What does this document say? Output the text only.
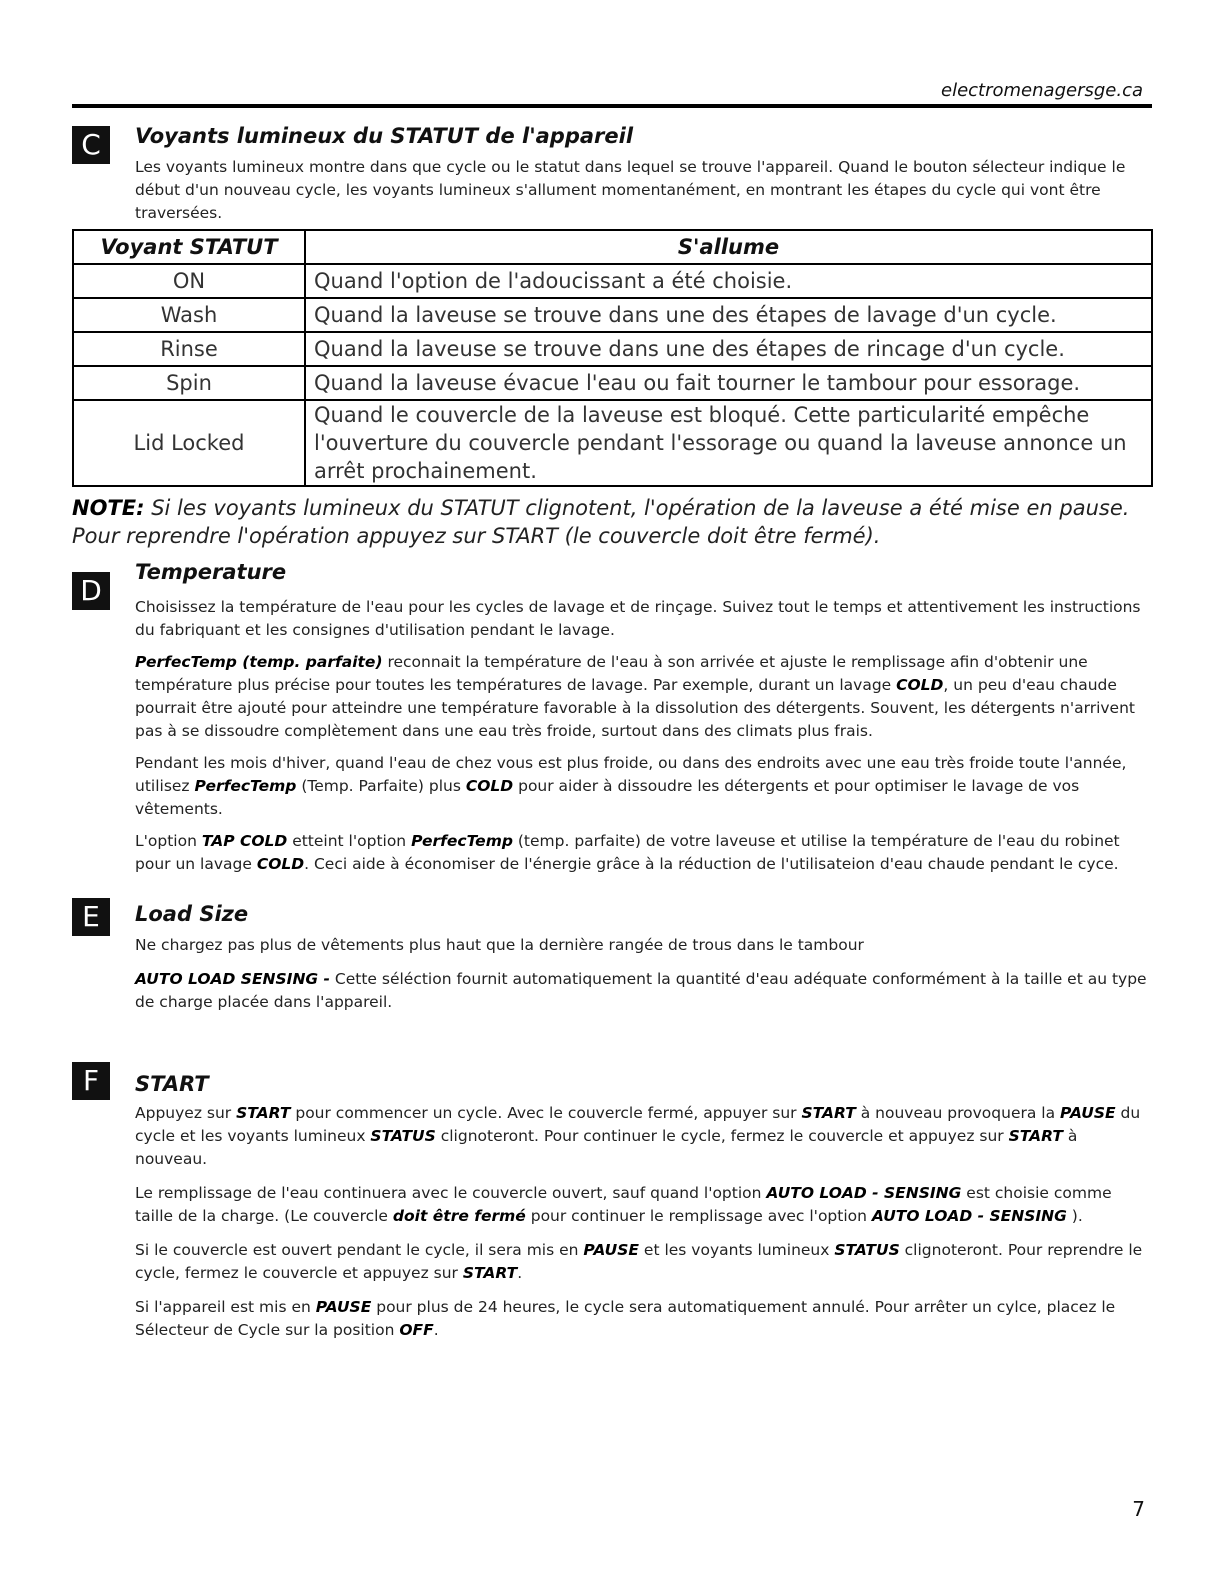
electromenagersge.ca
C	Voyants lumineux du STATUT de l'appareil
Les voyants lumineux montre dans que cycle ou le statut dans lequel se trouve l'appareil. Quand le bouton sélecteur indique le début d'un nouveau cycle, les voyants lumineux s'allument momentanément, en montrant les étapes du cycle qui vont être traversées.
Voyant STATUT	S'allume
ON	Quand l'option de l'adoucissant a été choisie.
Wash	Quand la laveuse se trouve dans une des étapes de lavage d'un cycle.
Rinse	Quand la laveuse se trouve dans une des étapes de rincage d'un cycle.
Spin	Quand la laveuse évacue l'eau ou fait tourner le tambour pour essorage.
Lid Locked	Quand le couvercle de la laveuse est bloqué. Cette particularité empêche l'ouverture du couvercle pendant l'essorage ou quand la laveuse annonce un arrêt prochainement.
NOTE: Si les voyants lumineux du STATUT clignotent, l'opération de la laveuse a été mise en pause. Pour reprendre l'opération appuyez sur START (le couvercle doit être fermé).
D
Temperature

Choisissez la température de l'eau pour les cycles de lavage et de rinçage. Suivez tout le temps et attentivement les instructions du fabriquant et les consignes d'utilisation pendant le lavage.

PerfecTemp (temp. parfaite) reconnait la température de l'eau à son arrivée et ajuste le remplissage afin d'obtenir une température plus précise pour toutes les températures de lavage. Par exemple, durant un lavage COLD, un peu d'eau chaude pourrait être ajouté pour atteindre une température favorable à la dissolution des détergents. Souvent, les détergents n'arrivent pas à se dissoudre complètement dans une eau très froide, surtout dans des climats plus frais.

Pendant les mois d'hiver, quand l'eau de chez vous est plus froide, ou dans des endroits avec une eau très froide toute l'année, utilisez PerfecTemp (Temp. Parfaite) plus COLD pour aider à dissoudre les détergents et pour optimiser le lavage de vos vêtements.

L'option TAP COLD etteint l'option PerfecTemp (temp. parfaite) de votre laveuse et utilise la température de l'eau du robinet pour un lavage COLD. Ceci aide à économiser de l'énergie grâce à la réduction de l'utilisateion d'eau chaude pendant le cyce.

E	Load Size

Ne chargez pas plus de vêtements plus haut que la dernière rangée de trous dans le tambour

AUTO LOAD SENSING - Cette séléction fournit automatiquement la quantité d'eau adéquate conformément à la taille et au type de charge placée dans l'appareil.

F	START

Appuyez sur START pour commencer un cycle. Avec le couvercle fermé, appuyer sur START à nouveau provoquera la PAUSE du cycle et les voyants lumineux STATUS clignoteront. Pour continuer le cycle, fermez le couvercle et appuyez sur START à nouveau.

Le remplissage de l'eau continuera avec le couvercle ouvert, sauf quand l'option AUTO LOAD - SENSING est choisie comme taille de la charge. (Le couvercle doit être fermé pour continuer le remplissage avec l'option AUTO LOAD - SENSING ).

Si le couvercle est ouvert pendant le cycle, il sera mis en PAUSE et les voyants lumineux STATUS clignoteront. Pour reprendre le cycle, fermez le couvercle et appuyez sur START.

Si l'appareil est mis en PAUSE pour plus de 24 heures, le cycle sera automatiquement annulé. Pour arrêter un cylce, placez le Sélecteur de Cycle sur la position OFF.

7
